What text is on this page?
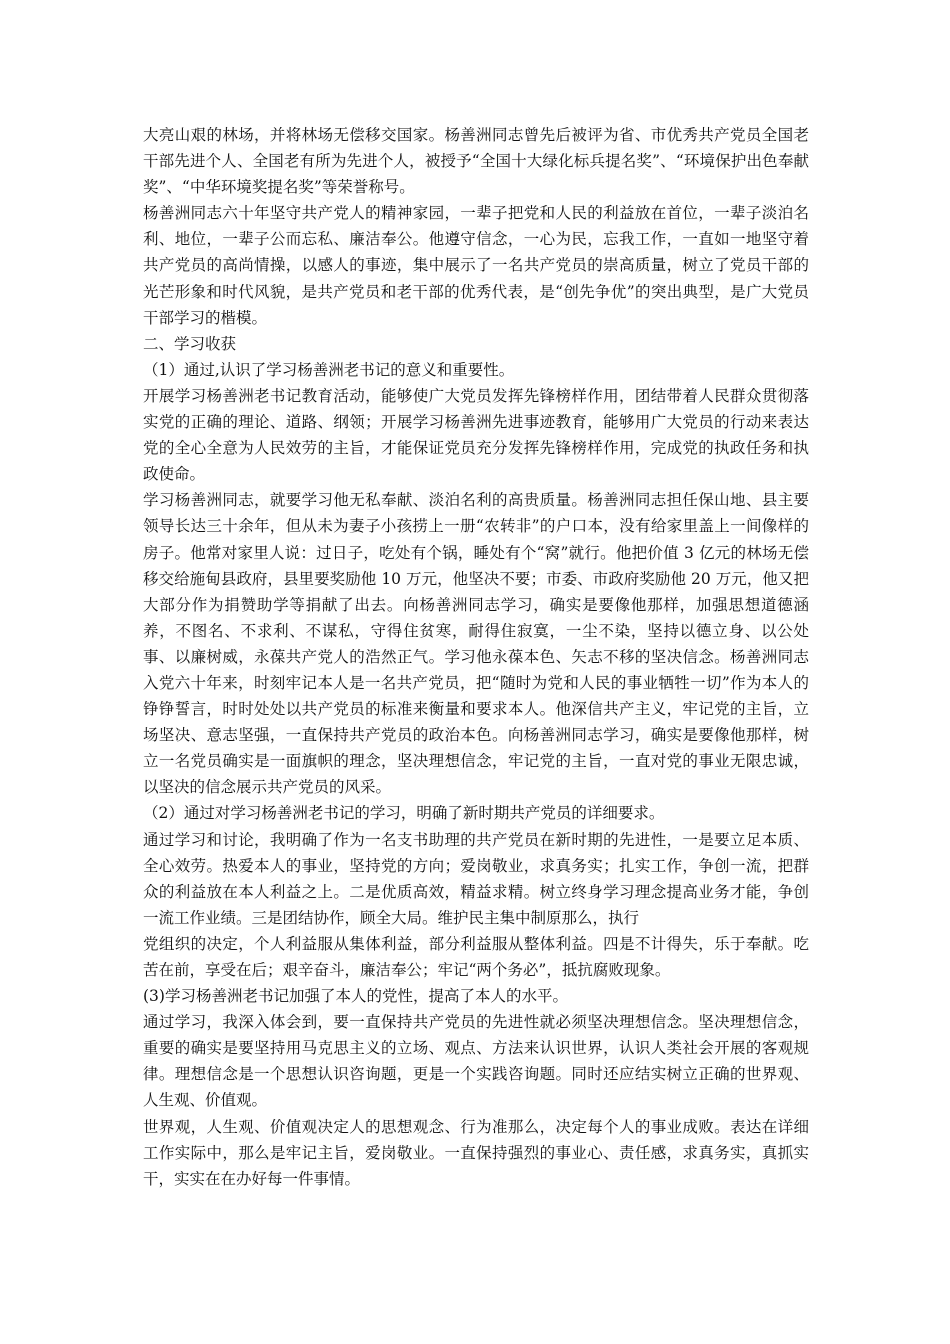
大亮山艰的林场，并将林场无偿移交国家。杨善洲同志曾先后被评为省、市优秀共产党员全国老干部先进个人、全国老有所为先进个人，被授予“全国十大绿化标兵提名奖”、“环境保护出色奉献奖”、“中华环境奖提名奖”等荣誉称号。

杨善洲同志六十年坚守共产党人的精神家园，一辈子把党和人民的利益放在首位，一辈子淡泊名利、地位，一辈子公而忘私、廉洁奉公。他遵守信念，一心为民，忘我工作，一直如一地坚守着共产党员的高尚情操，以感人的事迹，集中展示了一名共产党员的崇高质量，树立了党员干部的光芒形象和时代风貌，是共产党员和老干部的优秀代表，是“创先争优”的突出典型，是广大党员干部学习的楷模。

二、学习收获

（1）通过,认识了学习杨善洲老书记的意义和重要性。

开展学习杨善洲老书记教育活动，能够使广大党员发挥先锋榜样作用，团结带着人民群众贯彻落实党的正确的理论、道路、纲领；开展学习杨善洲先进事迹教育，能够用广大党员的行动来表达党的全心全意为人民效劳的主旨，才能保证党员充分发挥先锋榜样作用，完成党的执政任务和执政使命。

学习杨善洲同志，就要学习他无私奉献、淡泊名利的高贵质量。杨善洲同志担任保山地、县主要领导长达三十余年，但从未为妻子小孩捞上一册“农转非”的户口本，没有给家里盖上一间像样的房子。他常对家里人说：过日子，吃处有个锅，睡处有个“窝”就行。他把价值 3 亿元的林场无偿移交给施甸县政府，县里要奖励他 10 万元，他坚决不要；市委、市政府奖励他 20 万元，他又把大部分作为捐赞助学等捐献了出去。向杨善洲同志学习，确实是要像他那样，加强思想道德涵养，不图名、不求利、不谋私，守得住贫寒，耐得住寂寞，一尘不染，坚持以德立身、以公处事、以廉树威，永葆共产党人的浩然正气。学习他永葆本色、矢志不移的坚决信念。杨善洲同志入党六十年来，时刻牢记本人是一名共产党员，把“随时为党和人民的事业牺牲一切”作为本人的铮铮誓言，时时处处以共产党员的标准来衡量和要求本人。他深信共产主义，牢记党的主旨，立场坚决、意志坚强，一直保持共产党员的政治本色。向杨善洲同志学习，确实是要像他那样，树立一名党员确实是一面旗帜的理念，坚决理想信念，牢记党的主旨，一直对党的事业无限忠诚，以坚决的信念展示共产党员的风采。

（2）通过对学习杨善洲老书记的学习，明确了新时期共产党员的详细要求。

通过学习和讨论，我明确了作为一名支书助理的共产党员在新时期的先进性，一是要立足本质、全心效劳。热爱本人的事业，坚持党的方向；爱岗敬业，求真务实；扎实工作，争创一流，把群众的利益放在本人利益之上。二是优质高效，精益求精。树立终身学习理念提高业务才能，争创一流工作业绩。三是团结协作，顾全大局。维护民主集中制原那么，执行

党组织的决定，个人利益服从集体利益，部分利益服从整体利益。四是不计得失，乐于奉献。吃苦在前，享受在后；艰辛奋斗，廉洁奉公；牢记“两个务必”，抵抗腐败现象。

(3)学习杨善洲老书记加强了本人的党性，提高了本人的水平。

通过学习，我深入体会到，要一直保持共产党员的先进性就必须坚决理想信念。坚决理想信念，重要的确实是要坚持用马克思主义的立场、观点、方法来认识世界，认识人类社会开展的客观规律。理想信念是一个思想认识咨询题，更是一个实践咨询题。同时还应结实树立正确的世界观、人生观、价值观。

世界观，人生观、价值观决定人的思想观念、行为准那么，决定每个人的事业成败。表达在详细工作实际中，那么是牢记主旨，爱岗敬业。一直保持强烈的事业心、责任感，求真务实，真抓实干，实实在在办好每一件事情。
